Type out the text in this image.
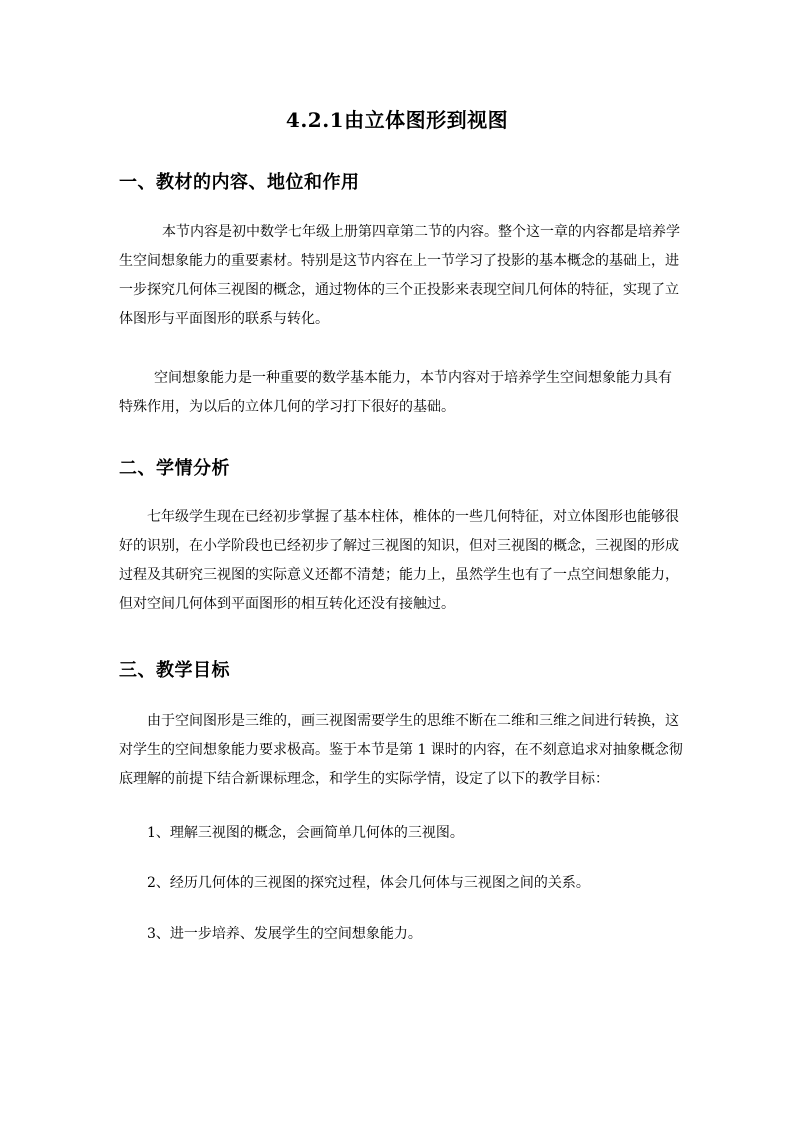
4.2.1由立体图形到视图
一、教材的内容、地位和作用
本节内容是初中数学七年级上册第四章第二节的内容。整个这一章的内容都是培养学
生空间想象能力的重要素材。特别是这节内容在上一节学习了投影的基本概念的基础上，进
一步探究几何体三视图的概念，通过物体的三个正投影来表现空间几何体的特征，实现了立
体图形与平面图形的联系与转化。
空间想象能力是一种重要的数学基本能力，本节内容对于培养学生空间想象能力具有
特殊作用，为以后的立体几何的学习打下很好的基础。
二、学情分析
七年级学生现在已经初步掌握了基本柱体，椎体的一些几何特征，对立体图形也能够很
好的识别，在小学阶段也已经初步了解过三视图的知识，但对三视图的概念，三视图的形成
过程及其研究三视图的实际意义还都不清楚；能力上，虽然学生也有了一点空间想象能力，
但对空间几何体到平面图形的相互转化还没有接触过。
三、教学目标
由于空间图形是三维的，画三视图需要学生的思维不断在二维和三维之间进行转换，这
对学生的空间想象能力要求极高。鉴于本节是第 1 课时的内容，在不刻意追求对抽象概念彻
底理解的前提下结合新课标理念，和学生的实际学情，设定了以下的教学目标：
1、理解三视图的概念，会画简单几何体的三视图。
2、经历几何体的三视图的探究过程，体会几何体与三视图之间的关系。
3、进一步培养、发展学生的空间想象能力。
